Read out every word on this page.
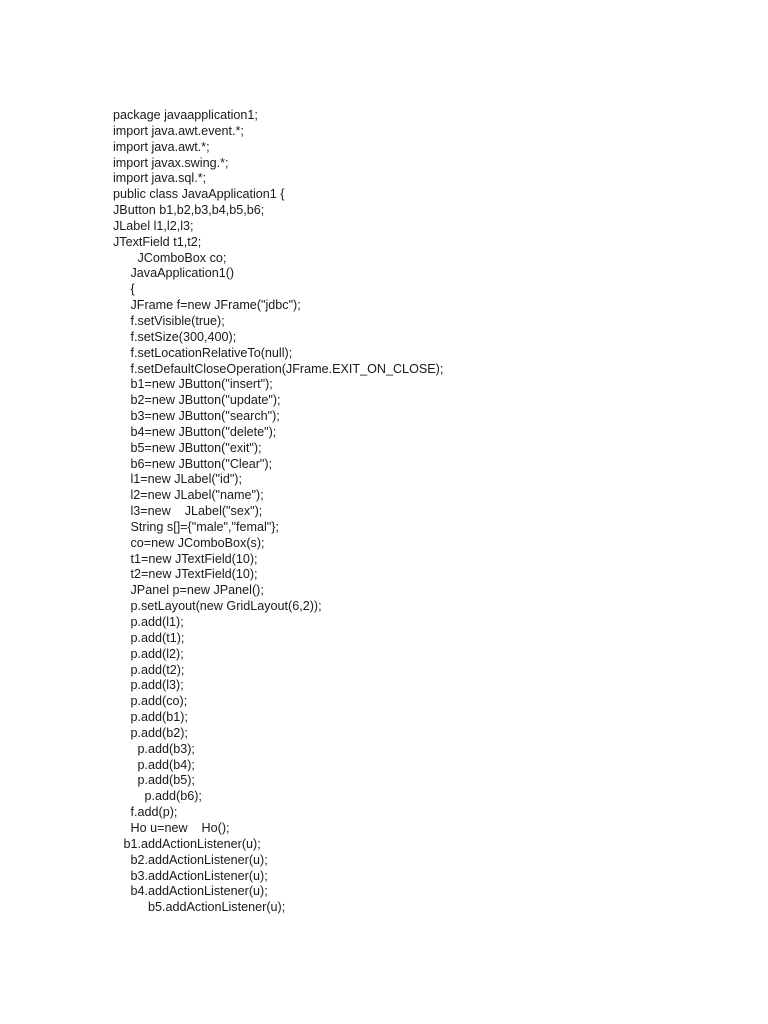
package javaapplication1;
import java.awt.event.*;
import java.awt.*;
import javax.swing.*;
import java.sql.*;
public class JavaApplication1 {
JButton b1,b2,b3,b4,b5,b6;
JLabel l1,l2,l3;
JTextField t1,t2;
JComboBox co;
JavaApplication1()
{
JFrame f=new JFrame("jdbc");
f.setVisible(true);
f.setSize(300,400);
f.setLocationRelativeTo(null);
f.setDefaultCloseOperation(JFrame.EXIT_ON_CLOSE);
b1=new JButton("insert");
b2=new JButton("update");
b3=new JButton("search");
b4=new JButton("delete");
b5=new JButton("exit");
b6=new JButton("Clear");
l1=new JLabel("id");
l2=new JLabel("name");
l3=new    JLabel("sex");
String s[]={"male","femal"};
co=new JComboBox(s);
t1=new JTextField(10);
t2=new JTextField(10);
JPanel p=new JPanel();
p.setLayout(new GridLayout(6,2));
p.add(l1);
p.add(t1);
p.add(l2);
p.add(t2);
p.add(l3);
p.add(co);
p.add(b1);
p.add(b2);
p.add(b3);
p.add(b4);
p.add(b5);
p.add(b6);
f.add(p);
Ho u=new    Ho();
b1.addActionListener(u);
b2.addActionListener(u);
b3.addActionListener(u);
b4.addActionListener(u);
b5.addActionListener(u);
